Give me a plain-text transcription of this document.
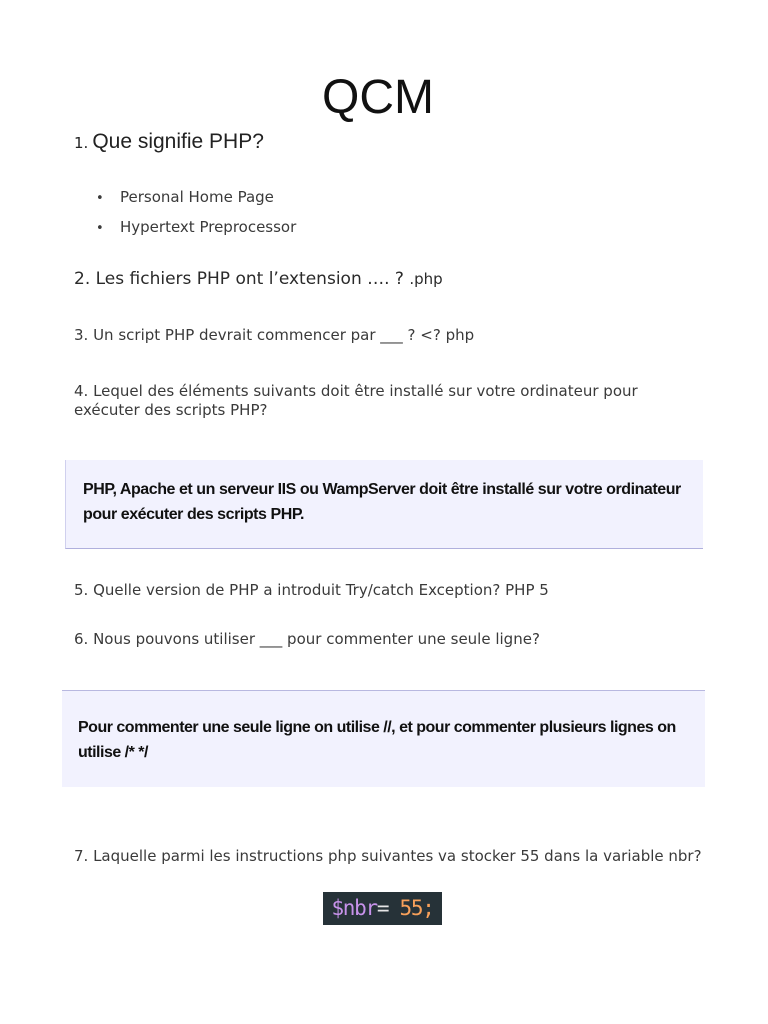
QCM
1. Que signifie PHP?
• Personal Home Page
• Hypertext Preprocessor
2. Les fichiers PHP ont l’extension …. ? .php
3. Un script PHP devrait commencer par ___ ? <? php
4. Lequel des éléments suivants doit être installé sur votre ordinateur pour exécuter des scripts PHP?
PHP, Apache et un serveur IIS ou WampServer doit être installé sur votre ordinateur pour exécuter des scripts PHP.
5. Quelle version de PHP a introduit Try/catch Exception? PHP 5
6. Nous pouvons utiliser ___ pour commenter une seule ligne?
Pour commenter une seule ligne on utilise //, et pour commenter plusieurs lignes on utilise /* */
7. Laquelle parmi les instructions php suivantes va stocker 55 dans la variable nbr?
$nbr= 55;
